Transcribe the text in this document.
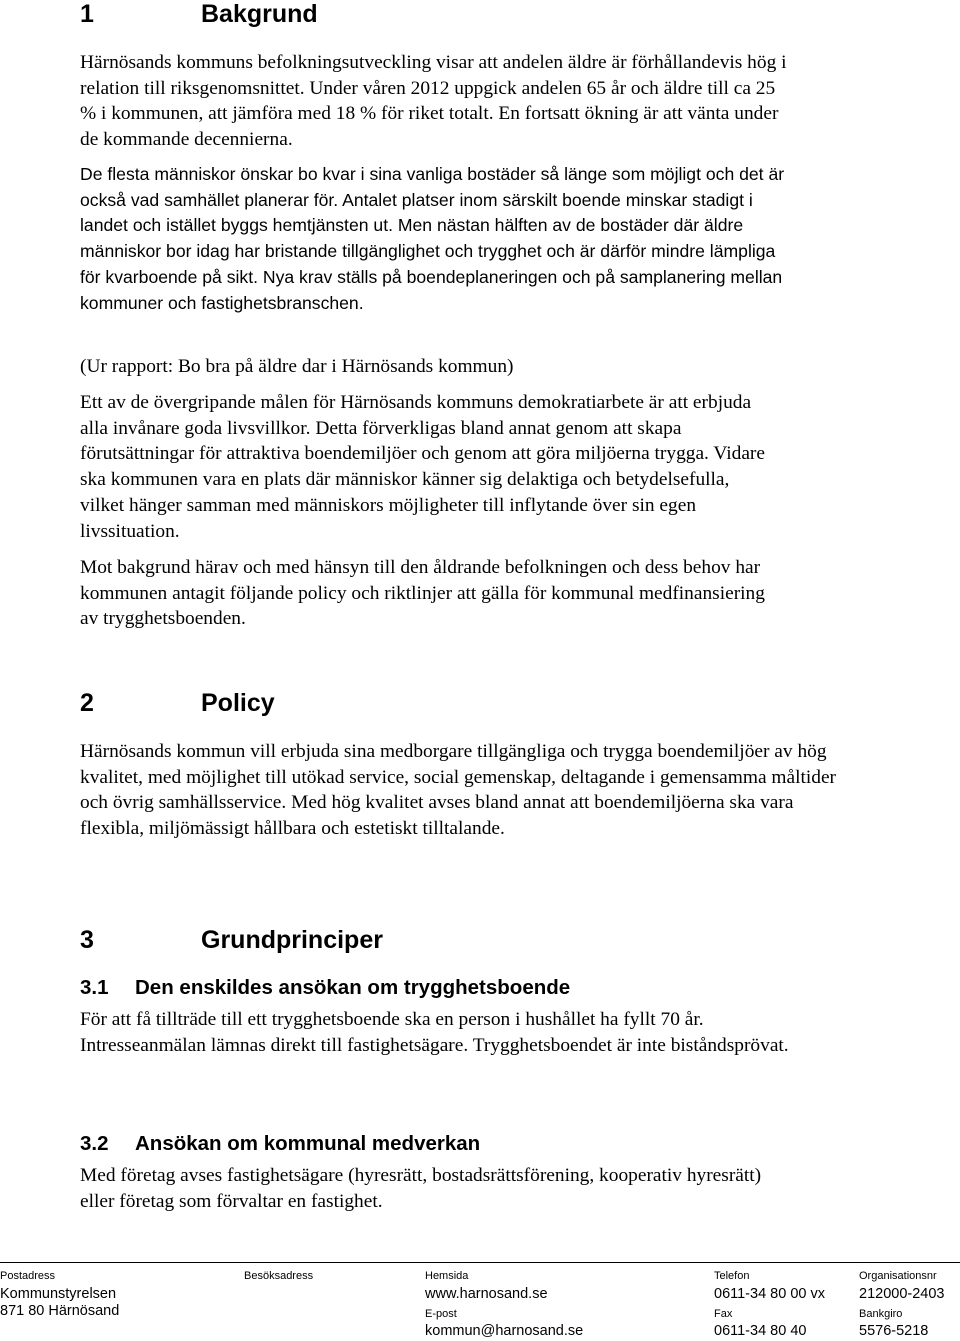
1	Bakgrund

Härnösands kommuns befolkningsutveckling visar att andelen äldre är förhållandevis hög i relation till riksgenomsnittet. Under våren 2012 uppgick andelen 65 år och äldre till ca 25 % i kommunen, att jämföra med 18 % för riket totalt. En fortsatt ökning är att vänta under de kommande decennierna.

De flesta människor önskar bo kvar i sina vanliga bostäder så länge som möjligt och det är också vad samhället planerar för. Antalet platser inom särskilt boende minskar stadigt i landet och istället byggs hemtjänsten ut. Men nästan hälften av de bostäder där äldre människor bor idag har bristande tillgänglighet och trygghet och är därför mindre lämpliga för kvarboende på sikt. Nya krav ställs på boendeplaneringen och på samplanering mellan kommuner och fastighetsbranschen.

(Ur rapport: Bo bra på äldre dar i Härnösands kommun)

Ett av de övergripande målen för Härnösands kommuns demokratiarbete är att erbjuda alla invånare goda livsvillkor. Detta förverkligas bland annat genom att skapa förutsättningar för attraktiva boendemiljöer och genom att göra miljöerna trygga. Vidare ska kommunen vara en plats där människor känner sig delaktiga och betydelsefulla, vilket hänger samman med människors möjligheter till inflytande över sin egen livssituation.

Mot bakgrund härav och med hänsyn till den åldrande befolkningen och dess behov har kommunen antagit följande policy och riktlinjer att gälla för kommunal medfinansiering av trygghetsboenden.

2	Policy

Härnösands kommun vill erbjuda sina medborgare tillgängliga och trygga boendemiljöer av hög kvalitet, med möjlighet till utökad service, social gemenskap, deltagande i gemensamma måltider och övrig samhällsservice. Med hög kvalitet avses bland annat att boendemiljöerna ska vara flexibla, miljömässigt hållbara och estetiskt tilltalande.

3	Grundprinciper
3.1 Den enskildes ansökan om trygghetsboende

För att få tillträde till ett trygghetsboende ska en person i hushållet ha fyllt 70 år. Intresseanmälan lämnas direkt till fastighetsägare. Trygghetsboendet är inte biståndsprövat.

3.2 Ansökan om kommunal medverkan

Med företag avses fastighetsägare (hyresrätt, bostadsrättsförening, kooperativ hyresrätt) eller företag som förvaltar en fastighet.

Postadress
Kommunstyrelsen
871 80 Härnösand
Besöksadress	Hemsida
www.harnosand.se
E-post
kommun@harnosand.se
Telefon
0611-34 80 00 vx
Fax
0611-34 80 40
Organisationsnr
212000-2403
Bankgiro
5576-5218
